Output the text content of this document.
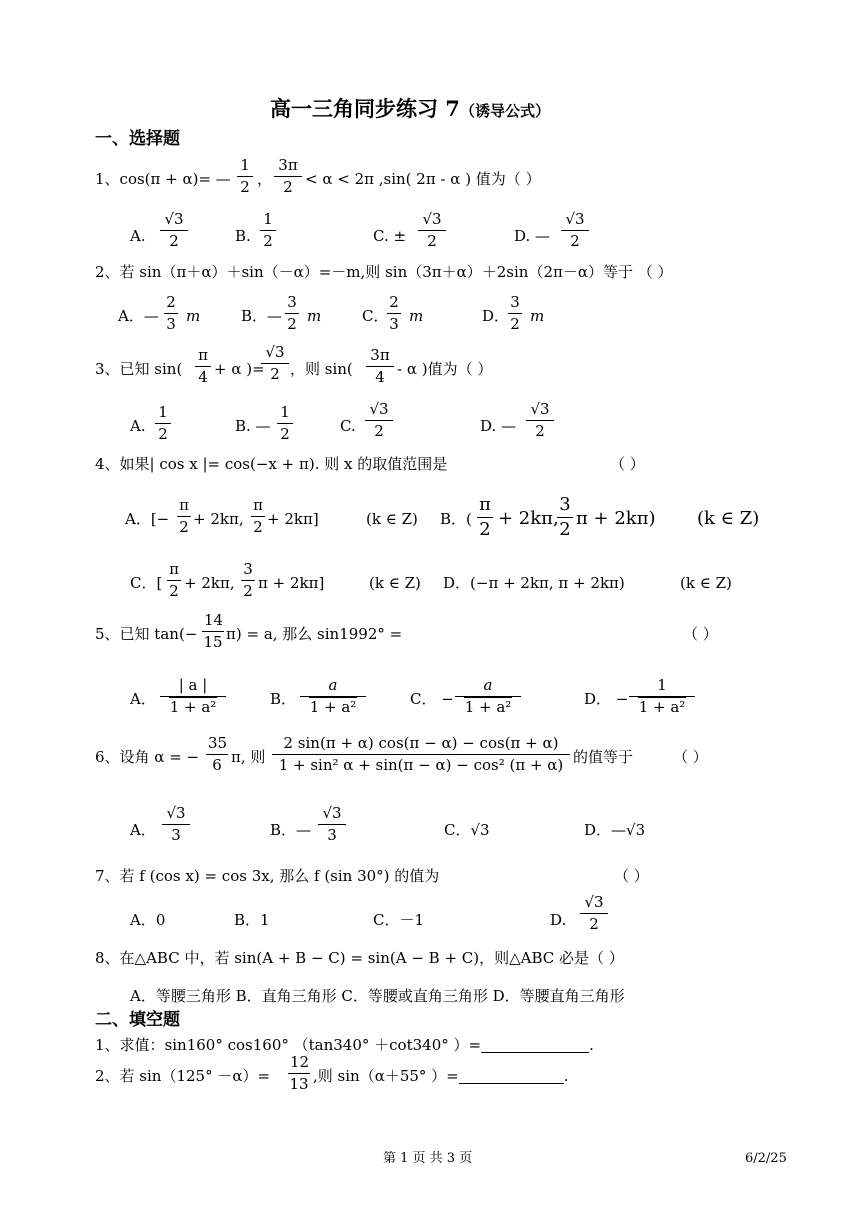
高一三角同步练习 7（诱导公式）
一、选择题
1、cos(π + α)= — $\frac{1}{2}$ ， $\frac{3\pi}{2} < \alpha < 2\pi$ ,sin( 2π - α ) 值为（ ）
A. $\frac{√3}{2}$	B. $\frac{1}{2}$	C. ± $\frac{√3}{2}$	D. — $\frac{√3}{2}$
2、若 sin（π＋α）＋sin（－α）=－m,则 sin（3π＋α）＋2sin（2π－α）等于 （ ）
A．— $\frac{2}{3}$ m	B．— $\frac{3}{2}$ m	C．
$\frac{2}{3}$ m	D．
$\frac{3}{2}$ m
3、已知 $\sin( \frac{\pi}{4} + \alpha$ )=
$\frac{√3}{2}$ ，则 $\sin( \frac{3\pi}{4}$ - α )值为（ ）
A. $\frac{1}{2}$	B. — $\frac{1}{2}$	C. $\frac{√3}{2}$	D. — $\frac{√3}{2}$
4、如果| cos x |= cos(−x + π). 则 x 的取值范围是	（ ）
A．[− $\frac{\pi}{2} + 2k\pi$, $\frac{\pi}{2} + 2k\pi$]	(k ∈ Z) B．( $\frac{\pi}{2} + 2k\pi$,
$\frac{3}{2}$ π + 2kπ) (k ∈ Z)
C．[ $\frac{\pi}{2} + 2k\pi$, $\frac{3}{2}$ π + 2kπ]	(k ∈ Z) D．(−π + 2kπ, π + 2kπ)	(k ∈ Z)
5、已知 $\tan(- \frac{14}{15} \pi) = a$, 那么 sin1992° =	（ ）
A． $\frac{| a |}{\text{1 + a²}}$	B． $\frac{a}{\text{1 + a²}}$	C． − $\frac{a}{\text{1 + a²}}$	D． − $\frac{1}{\text{1 + a²}}$
6、设角 α = − $\frac{35}{6} \pi$, 则 $\frac{2 \sin(\pi + \alpha) \cos(\pi - \alpha) - \cos(\pi + \alpha)}{\text{1 + sin² α + sin(π − α) − cos² (π + α)}}$ 的值等于	（ ）
A． $\frac{√3}{3}$	B．— $\frac{√3}{3}$	C．√3	D．—√3
7、若 f (cos x) = cos 3x, 那么 f (sin 30°) 的值为	（ ）
A．0	B．1	C．－1	D. $\frac{√3}{2}$
8、在△ABC 中，若 sin(A + B − C) = sin(A − B + C)，则△ABC 必是（ ）
A．等腰三角形 B．直角三角形 C．等腰或直角三角形 D．等腰直角三角形
二、填空题
1、求值：sin160° cos160° （tan340° ＋cot340° ）=	.
2、若 $\sin(125^\circ -\alpha)= \frac{12}{13}$ ,则 sin（α＋55° ）=	.
第 1 页 共 3 页	6/2/25
